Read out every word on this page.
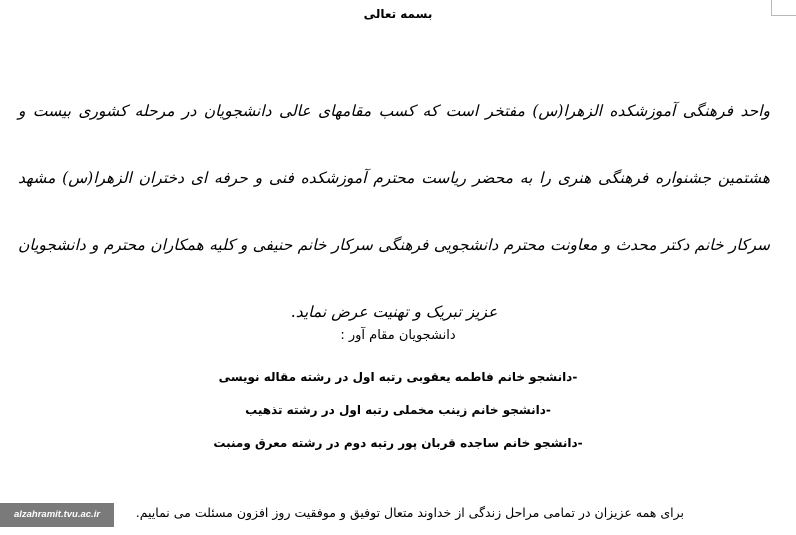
بسمه تعالی
واحد فرهنگی آموزشکده الزهرا(س) مفتخر است که کسب مقامهای عالی دانشجویان در مرحله کشوری بیست و هشتمین جشنواره فرهنگی هنری را به محضر ریاست محترم آموزشکده فنی و حرفه ای دختران الزهرا(س) مشهد سرکار خانم دکتر محدث و معاونت محترم دانشجویی فرهنگی سرکار خانم حنیفی و کلیه همکاران محترم و دانشجویان عزیز تبریک و تهنیت عرض نماید.
دانشجویان مقام آور :
-دانشجو خانم فاطمه یعقوبی رتبه اول در رشته مقاله نویسی
-دانشجو خانم زینب مخملی رتبه اول در رشته تذهیب
-دانشجو خانم ساجده قربان پور رتبه دوم در رشته معرق ومنبت
برای همه عزیزان در تمامی مراحل زندگی از خداوند متعال توفیق و موفقیت روز افزون مسئلت می نماییم.
alzahramit.tvu.ac.ir
